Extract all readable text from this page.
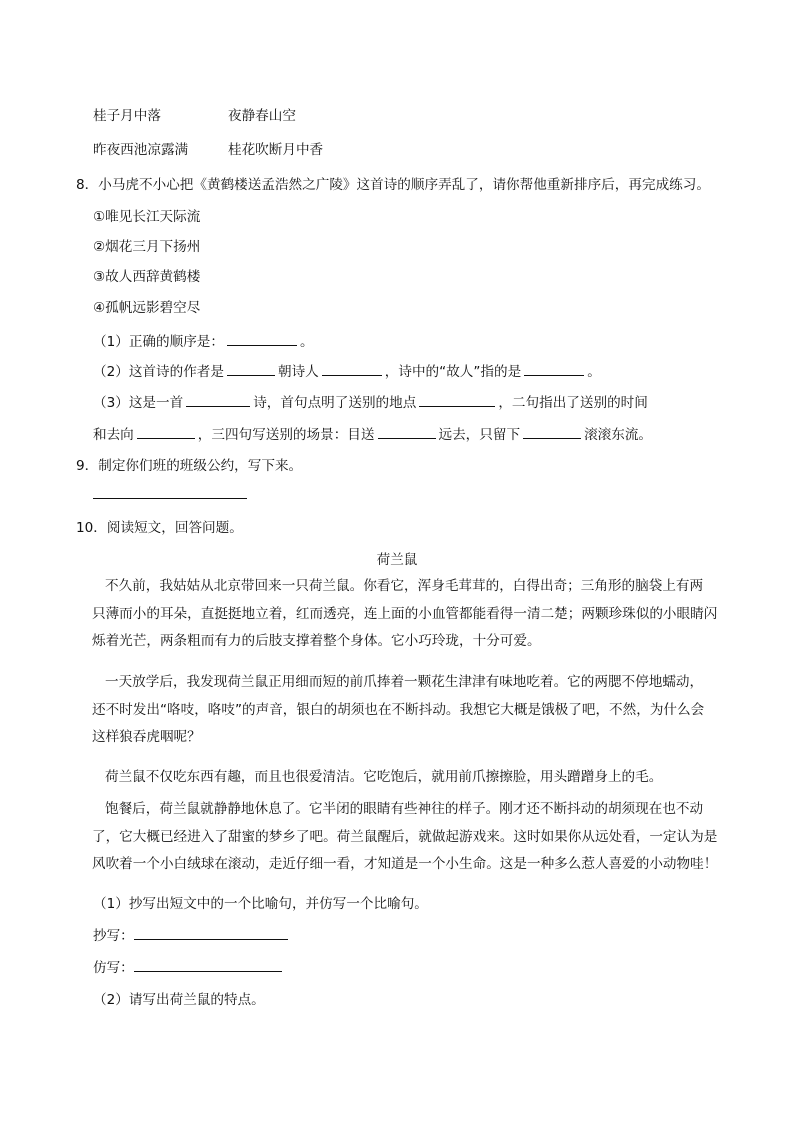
桂子月中落	夜静春山空
昨夜西池凉露满	桂花吹断月中香
8．小马虎不小心把《黄鹤楼送孟浩然之广陵》这首诗的顺序弄乱了，请你帮他重新排序后，再完成练习。
①唯见长江天际流
②烟花三月下扬州
③故人西辞黄鹤楼
④孤帆远影碧空尽
（1）正确的顺序是：	。
（2）这首诗的作者是	朝诗人	，诗中的“故人”指的是	。
（3）这是一首	诗，首句点明了送别的地点	，二句指出了送别的时间
和去向	，三四句写送别的场景：目送	远去，只留下	滚滚东流。
9．制定你们班的班级公约，写下来。
10．阅读短文，回答问题。
荷兰鼠
不久前，我姑姑从北京带回来一只荷兰鼠。你看它，浑身毛茸茸的，白得出奇；三角形的脑袋上有两
只薄而小的耳朵，直挺挺地立着，红而透亮，连上面的小血管都能看得一清二楚；两颗珍珠似的小眼睛闪
烁着光芒，两条粗而有力的后肢支撑着整个身体。它小巧玲珑，十分可爱。
一天放学后，我发现荷兰鼠正用细而短的前爪捧着一颗花生津津有味地吃着。它的两腮不停地蠕动，
还不时发出“咯吱，咯吱”的声音，银白的胡须也在不断抖动。我想它大概是饿极了吧，不然，为什么会
这样狼吞虎咽呢？
荷兰鼠不仅吃东西有趣，而且也很爱清洁。它吃饱后，就用前爪擦擦脸，用头蹭蹭身上的毛。
饱餐后，荷兰鼠就静静地休息了。它半闭的眼睛有些神往的样子。刚才还不断抖动的胡须现在也不动
了，它大概已经进入了甜蜜的梦乡了吧。荷兰鼠醒后，就做起游戏来。这时如果你从远处看，一定认为是
风吹着一个小白绒球在滚动，走近仔细一看，才知道是一个小生命。这是一种多么惹人喜爱的小动物哇！
（1）抄写出短文中的一个比喻句，并仿写一个比喻句。
抄写：
仿写：
（2）请写出荷兰鼠的特点。
